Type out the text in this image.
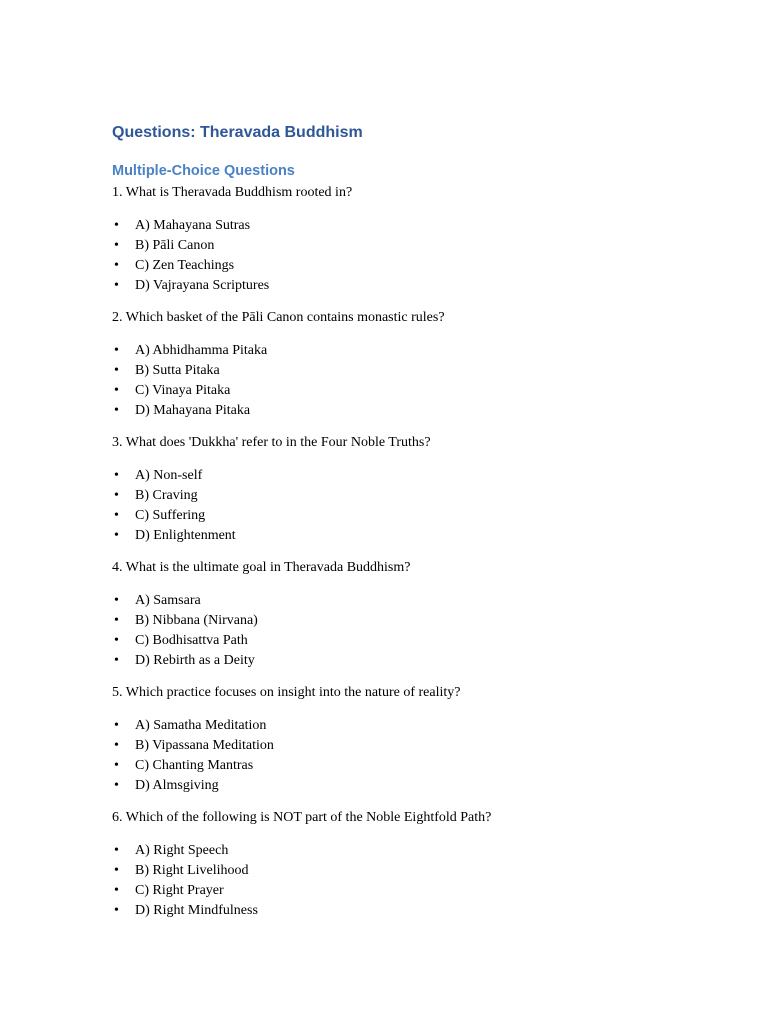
Questions: Theravada Buddhism
Multiple-Choice Questions
1. What is Theravada Buddhism rooted in?
• A) Mahayana Sutras
• B) Pāli Canon
• C) Zen Teachings
• D) Vajrayana Scriptures
2. Which basket of the Pāli Canon contains monastic rules?
• A) Abhidhamma Pitaka
• B) Sutta Pitaka
• C) Vinaya Pitaka
• D) Mahayana Pitaka
3. What does 'Dukkha' refer to in the Four Noble Truths?
• A) Non-self
• B) Craving
• C) Suffering
• D) Enlightenment
4. What is the ultimate goal in Theravada Buddhism?
• A) Samsara
• B) Nibbana (Nirvana)
• C) Bodhisattva Path
• D) Rebirth as a Deity
5. Which practice focuses on insight into the nature of reality?
• A) Samatha Meditation
• B) Vipassana Meditation
• C) Chanting Mantras
• D) Almsgiving
6. Which of the following is NOT part of the Noble Eightfold Path?
• A) Right Speech
• B) Right Livelihood
• C) Right Prayer
• D) Right Mindfulness
